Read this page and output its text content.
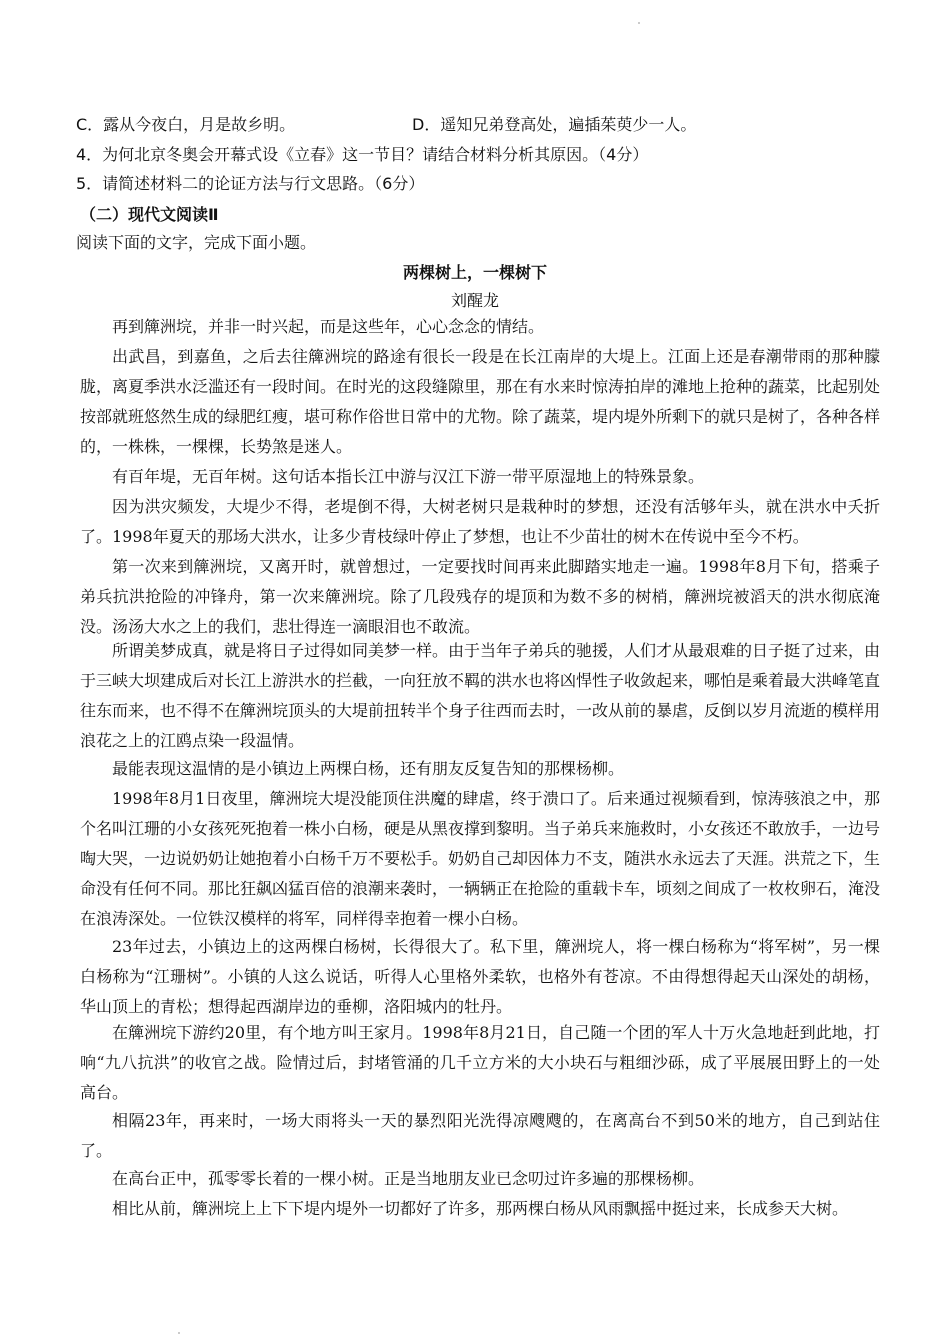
C．露从今夜白，月是故乡明。	D．遥知兄弟登高处，遍插茱萸少一人。
4．为何北京冬奥会开幕式设《立春》这一节目？请结合材料分析其原因。（4分）
5．请简述材料二的论证方法与行文思路。（6分）
（二）现代文阅读Ⅱ
阅读下面的文字，完成下面小题。
两棵树上，一棵树下
刘醒龙

再到簰洲垸，并非一时兴起，而是这些年，心心念念的情结。

出武昌，到嘉鱼，之后去往簰洲垸的路途有很长一段是在长江南岸的大堤上。江面上还是春潮带雨的那种朦胧，离夏季洪水泛滥还有一段时间。在时光的这段缝隙里，那在有水来时惊涛拍岸的滩地上抢种的蔬菜，比起别处按部就班悠然生成的绿肥红瘦，堪可称作俗世日常中的尤物。除了蔬菜，堤内堤外所剩下的就只是树了，各种各样的，一株株，一棵棵，长势煞是迷人。

有百年堤，无百年树。这句话本指长江中游与汉江下游一带平原湿地上的特殊景象。

因为洪灾频发，大堤少不得，老堤倒不得，大树老树只是栽种时的梦想，还没有活够年头，就在洪水中夭折了。1998年夏天的那场大洪水，让多少青枝绿叶停止了梦想，也让不少苗壮的树木在传说中至今不朽。

第一次来到簰洲垸，又离开时，就曾想过，一定要找时间再来此脚踏实地走一遍。1998年8月下旬，搭乘子弟兵抗洪抢险的冲锋舟，第一次来簰洲垸。除了几段残存的堤顶和为数不多的树梢，簰洲垸被滔天的洪水彻底淹没。汤汤大水之上的我们，悲壮得连一滴眼泪也不敢流。

所谓美梦成真，就是将日子过得如同美梦一样。由于当年子弟兵的驰援，人们才从最艰难的日子挺了过来，由于三峡大坝建成后对长江上游洪水的拦截，一向狂放不羁的洪水也将凶悍性子收敛起来，哪怕是乘着最大洪峰笔直往东而来，也不得不在簰洲垸顶头的大堤前扭转半个身子往西而去时，一改从前的暴虐，反倒以岁月流逝的模样用浪花之上的江鸥点染一段温情。

最能表现这温情的是小镇边上两棵白杨，还有朋友反复告知的那棵杨柳。

1998年8月1日夜里，簰洲垸大堤没能顶住洪魔的肆虐，终于溃口了。后来通过视频看到，惊涛骇浪之中，那个名叫江珊的小女孩死死抱着一株小白杨，硬是从黑夜撑到黎明。当子弟兵来施救时，小女孩还不敢放手，一边号啕大哭，一边说奶奶让她抱着小白杨千万不要松手。奶奶自己却因体力不支，随洪水永远去了天涯。洪荒之下，生命没有任何不同。那比狂飙凶猛百倍的浪潮来袭时，一辆辆正在抢险的重载卡车，顷刻之间成了一枚枚卵石，淹没在浪涛深处。一位铁汉模样的将军，同样得幸抱着一棵小白杨。

23年过去，小镇边上的这两棵白杨树，长得很大了。私下里，簰洲垸人，将一棵白杨称为“将军树”，另一棵白杨称为“江珊树”。小镇的人这么说话，听得人心里格外柔软，也格外有苍凉。不由得想得起天山深处的胡杨，华山顶上的青松；想得起西湖岸边的垂柳，洛阳城内的牡丹。

在簰洲垸下游约20里，有个地方叫王家月。1998年8月21日，自己随一个团的军人十万火急地赶到此地，打响“九八抗洪”的收官之战。险情过后，封堵管涌的几千立方米的大小块石与粗细沙砾，成了平展展田野上的一处高台。

相隔23年，再来时，一场大雨将头一天的暴烈阳光洗得凉飕飕的，在离高台不到50米的地方，自己到站住了。

在高台正中，孤零零长着的一棵小树。正是当地朋友业已念叨过许多遍的那棵杨柳。

相比从前，簰洲垸上上下下堤内堤外一切都好了许多，那两棵白杨从风雨飘摇中挺过来，长成参天大树。
